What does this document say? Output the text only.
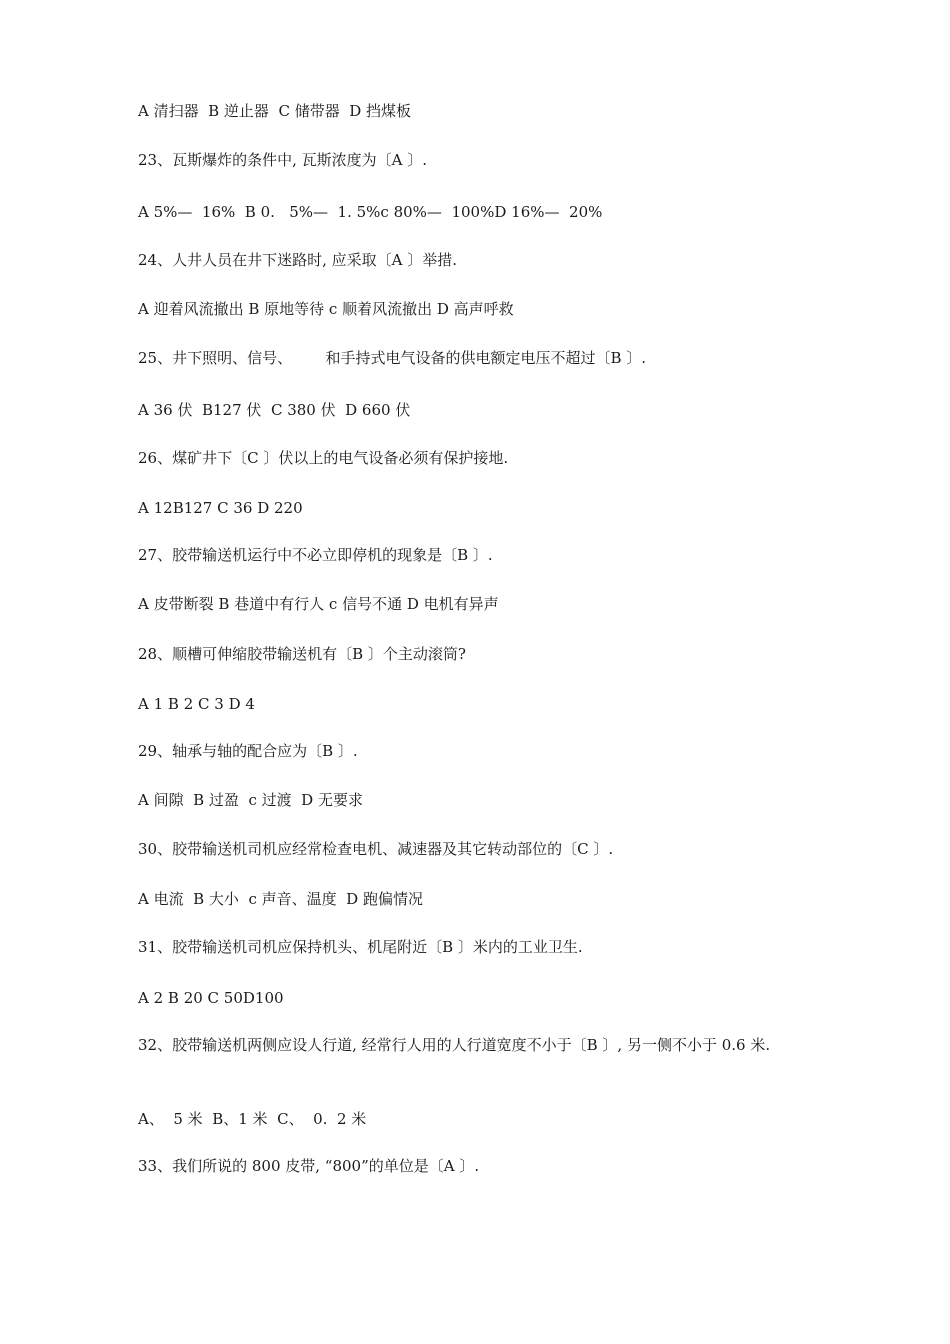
A 清扫器  B 逆止器  C 储带器  D 挡煤板
23、瓦斯爆炸的条件中, 瓦斯浓度为〔A 〕.
A 5%—  16%  B 0.   5%—  1. 5%c 80%—  100%D 16%—  20%
24、人井人员在井下迷路时, 应采取〔A 〕举措.
A 迎着风流撤出 B 原地等待 c 顺着风流撤出 D 高声呼救
25、井下照明、信号、       和手持式电气设备的供电额定电压不超过〔B 〕.
A 36 伏  B127 伏  C 380 伏  D 660 伏
26、煤矿井下〔C 〕伏以上的电气设备必须有保护接地.
A 12B127 C 36 D 220
27、胶带输送机运行中不必立即停机的现象是〔B 〕.
A 皮带断裂 B 巷道中有行人 c 信号不通 D 电机有异声
28、顺槽可伸缩胶带输送机有〔B 〕个主动滚筒?
A 1 B 2 C 3 D 4
29、轴承与轴的配合应为〔B 〕.
A 间隙  B 过盈  c 过渡  D 无要求
30、胶带输送机司机应经常检查电机、减速器及其它转动部位的〔C 〕.
A 电流  B 大小  c 声音、温度  D 跑偏情况
31、胶带输送机司机应保持机头、机尾附近〔B 〕米内的工业卫生.
A 2 B 20 C 50D100
32、胶带输送机两侧应设人行道, 经常行人用的人行道宽度不小于〔B 〕, 另一侧不小于 0.6 米.
A、  5 米  B、1 米  C、  0.  2 米
33、我们所说的 800 皮带, “800”的单位是〔A 〕.
